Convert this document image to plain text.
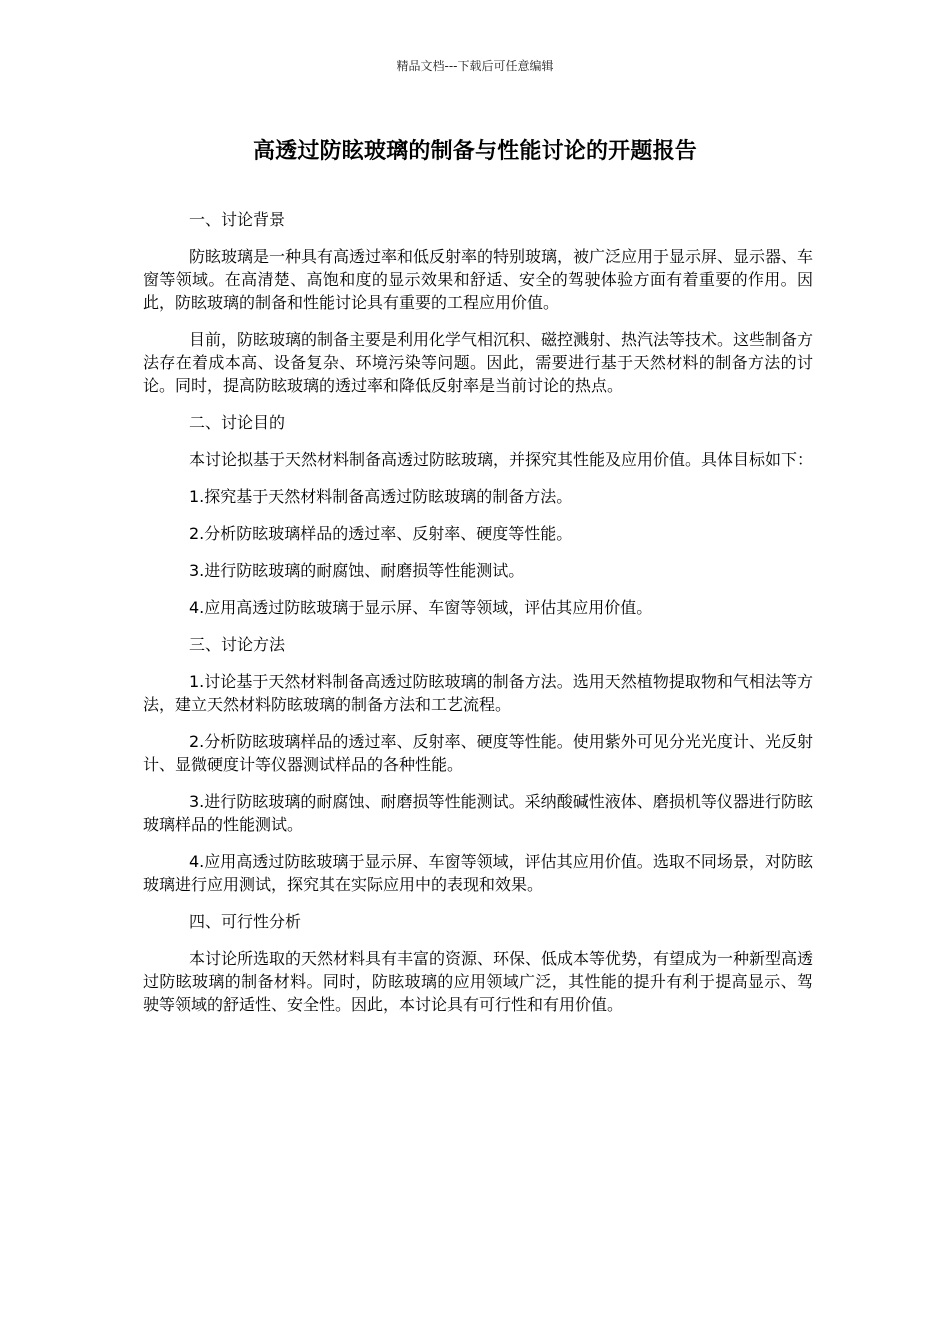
精品文档---下载后可任意编辑
高透过防眩玻璃的制备与性能讨论的开题报告

一、讨论背景

防眩玻璃是一种具有高透过率和低反射率的特别玻璃，被广泛应用于显示屏、显示器、车窗等领域。在高清楚、高饱和度的显示效果和舒适、安全的驾驶体验方面有着重要的作用。因此，防眩玻璃的制备和性能讨论具有重要的工程应用价值。

目前，防眩玻璃的制备主要是利用化学气相沉积、磁控溅射、热汽法等技术。这些制备方法存在着成本高、设备复杂、环境污染等问题。因此，需要进行基于天然材料的制备方法的讨论。同时，提高防眩玻璃的透过率和降低反射率是当前讨论的热点。

二、讨论目的

本讨论拟基于天然材料制备高透过防眩玻璃，并探究其性能及应用价值。具体目标如下：

1.探究基于天然材料制备高透过防眩玻璃的制备方法。

2.分析防眩玻璃样品的透过率、反射率、硬度等性能。

3.进行防眩玻璃的耐腐蚀、耐磨损等性能测试。

4.应用高透过防眩玻璃于显示屏、车窗等领域，评估其应用价值。

三、讨论方法

1.讨论基于天然材料制备高透过防眩玻璃的制备方法。选用天然植物提取物和气相法等方法，建立天然材料防眩玻璃的制备方法和工艺流程。

2.分析防眩玻璃样品的透过率、反射率、硬度等性能。使用紫外可见分光光度计、光反射计、显微硬度计等仪器测试样品的各种性能。

3.进行防眩玻璃的耐腐蚀、耐磨损等性能测试。采纳酸碱性液体、磨损机等仪器进行防眩玻璃样品的性能测试。

4.应用高透过防眩玻璃于显示屏、车窗等领域，评估其应用价值。选取不同场景，对防眩玻璃进行应用测试，探究其在实际应用中的表现和效果。

四、可行性分析

本讨论所选取的天然材料具有丰富的资源、环保、低成本等优势，有望成为一种新型高透过防眩玻璃的制备材料。同时，防眩玻璃的应用领域广泛，其性能的提升有利于提高显示、驾驶等领域的舒适性、安全性。因此，本讨论具有可行性和有用价值。
